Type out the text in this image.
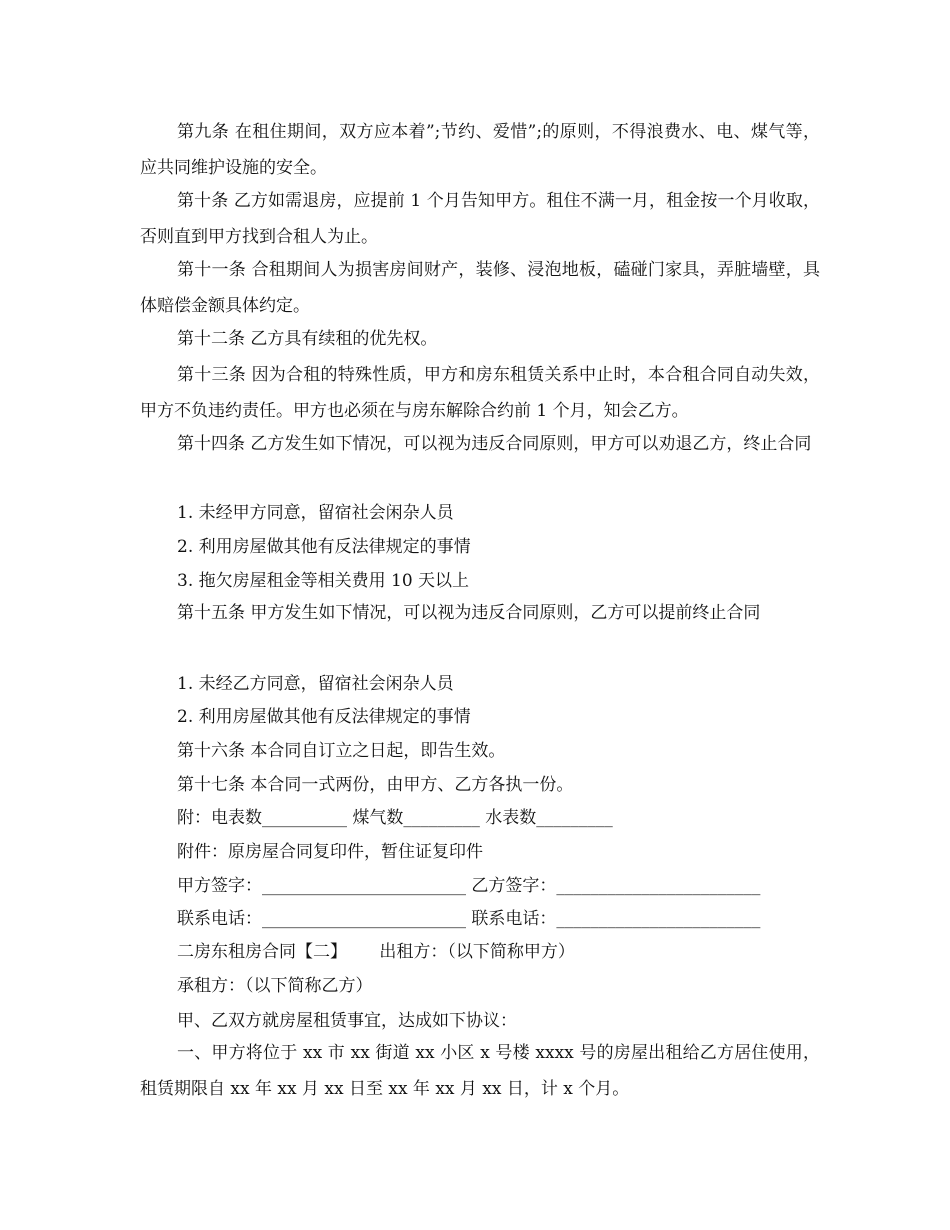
第九条 在租住期间，双方应本着”;节约、爱惜”;的原则，不得浪费水、电、煤气等，应共同维护设施的安全。
第十条 乙方如需退房，应提前 1 个月告知甲方。租住不满一月，租金按一个月收取，否则直到甲方找到合租人为止。
第十一条 合租期间人为损害房间财产，装修、浸泡地板，磕碰门家具，弄脏墙壁，具体赔偿金额具体约定。
第十二条 乙方具有续租的优先权。
第十三条 因为合租的特殊性质，甲方和房东租赁关系中止时，本合租合同自动失效，甲方不负违约责任。甲方也必须在与房东解除合约前 1 个月，知会乙方。
第十四条 乙方发生如下情况，可以视为违反合同原则，甲方可以劝退乙方，终止合同
1. 未经甲方同意，留宿社会闲杂人员
2. 利用房屋做其他有反法律规定的事情
3. 拖欠房屋租金等相关费用 10 天以上
第十五条 甲方发生如下情况，可以视为违反合同原则，乙方可以提前终止合同
1. 未经乙方同意，留宿社会闲杂人员
2. 利用房屋做其他有反法律规定的事情
第十六条 本合同自订立之日起，即告生效。
第十七条 本合同一式两份，由甲方、乙方各执一份。
附：电表数__________ 煤气数_________ 水表数_________
附件：原房屋合同复印件，暂住证复印件
甲方签字：________________________ 乙方签字：________________________
联系电话：________________________ 联系电话：________________________
二房东租房合同【二】      出租方：（以下简称甲方）
承租方：（以下简称乙方）
甲、乙双方就房屋租赁事宜，达成如下协议：
一、甲方将位于 xx 市 xx 街道 xx 小区 x 号楼 xxxx 号的房屋出租给乙方居住使用，租赁期限自 xx 年 xx 月 xx 日至 xx 年 xx 月 xx 日，计 x 个月。
